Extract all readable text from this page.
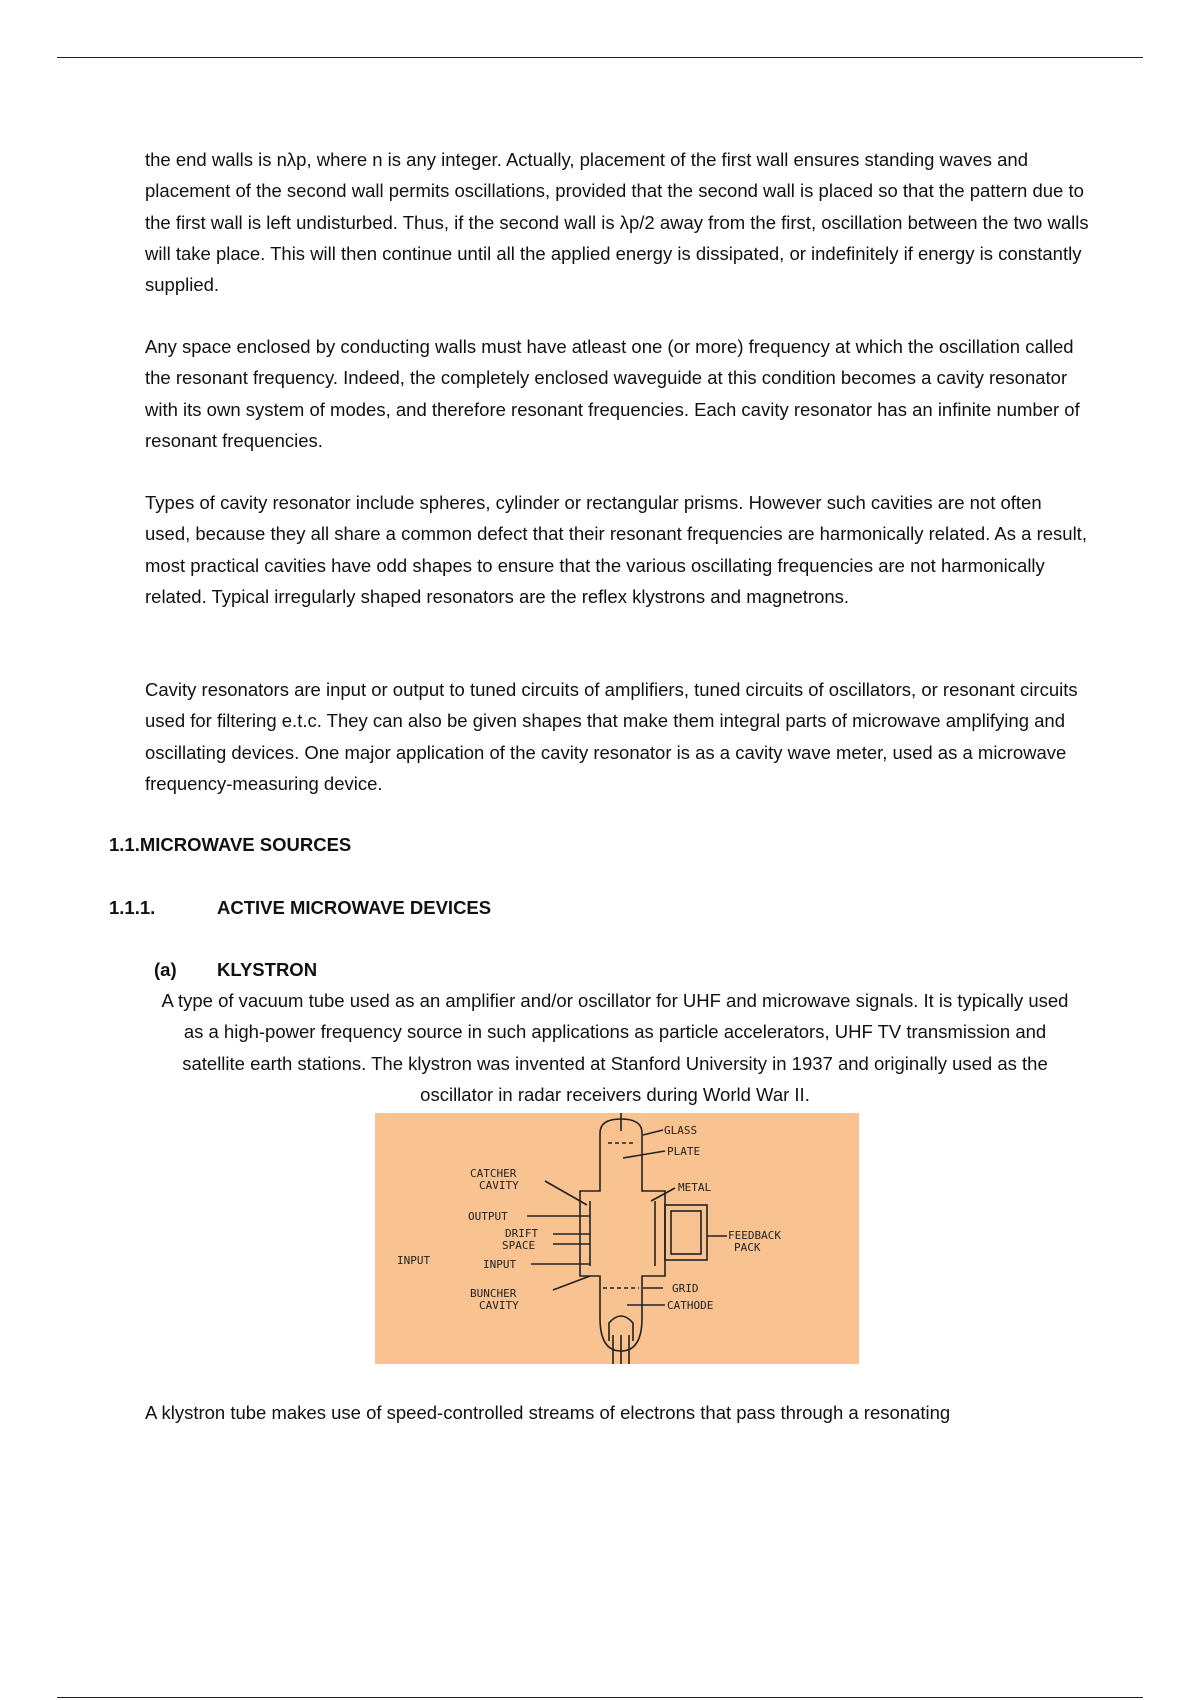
the end walls is nλp, where n is any integer. Actually, placement of the first wall ensures standing waves and placement of the second wall permits oscillations, provided that the second wall is placed so that the pattern due to the first wall is left undisturbed. Thus, if the second wall is λp/2 away from the first, oscillation between the two walls will take place. This will then continue until all the applied energy is dissipated, or indefinitely if energy is constantly supplied.

Any space enclosed by conducting walls must have atleast one (or more) frequency at which the oscillation called the resonant frequency. Indeed, the completely enclosed waveguide at this condition becomes a cavity resonator with its own system of modes, and therefore resonant frequencies. Each cavity resonator has an infinite number of resonant frequencies.

Types of cavity resonator include spheres, cylinder or rectangular prisms. However such cavities are not often used, because they all share a common defect that their resonant frequencies are harmonically related. As a result, most practical cavities have odd shapes to ensure that the various oscillating frequencies are not harmonically related. Typical irregularly shaped resonators are the reflex klystrons and magnetrons.

Cavity resonators are input or output to tuned circuits of amplifiers, tuned circuits of oscillators, or resonant circuits used for filtering e.t.c. They can also be given shapes that make them integral parts of microwave amplifying and oscillating devices. One major application of the cavity resonator is as a cavity wave meter, used as a microwave frequency-measuring device.

1.1.MICROWAVE SOURCES
1.1.1.	ACTIVE MICROWAVE DEVICES
(a) KLYSTRON

A type of vacuum tube used as an amplifier and/or oscillator for UHF and microwave signals. It is typically used as a high-power frequency source in such applications as particle accelerators, UHF TV transmission and satellite earth stations. The klystron was invented at Stanford University in 1937 and originally used as the oscillator in radar receivers during World War II.

GLASS
PLATE
CATCHER
CAVITY	METAL
OUTPUT
DRIFT
SPACE
FEEDBACK
PACK
INPUT	INPUT
BUNCHER
CAVITY
GRID
CATHODE

A klystron tube makes use of speed-controlled streams of electrons that pass through a resonating
